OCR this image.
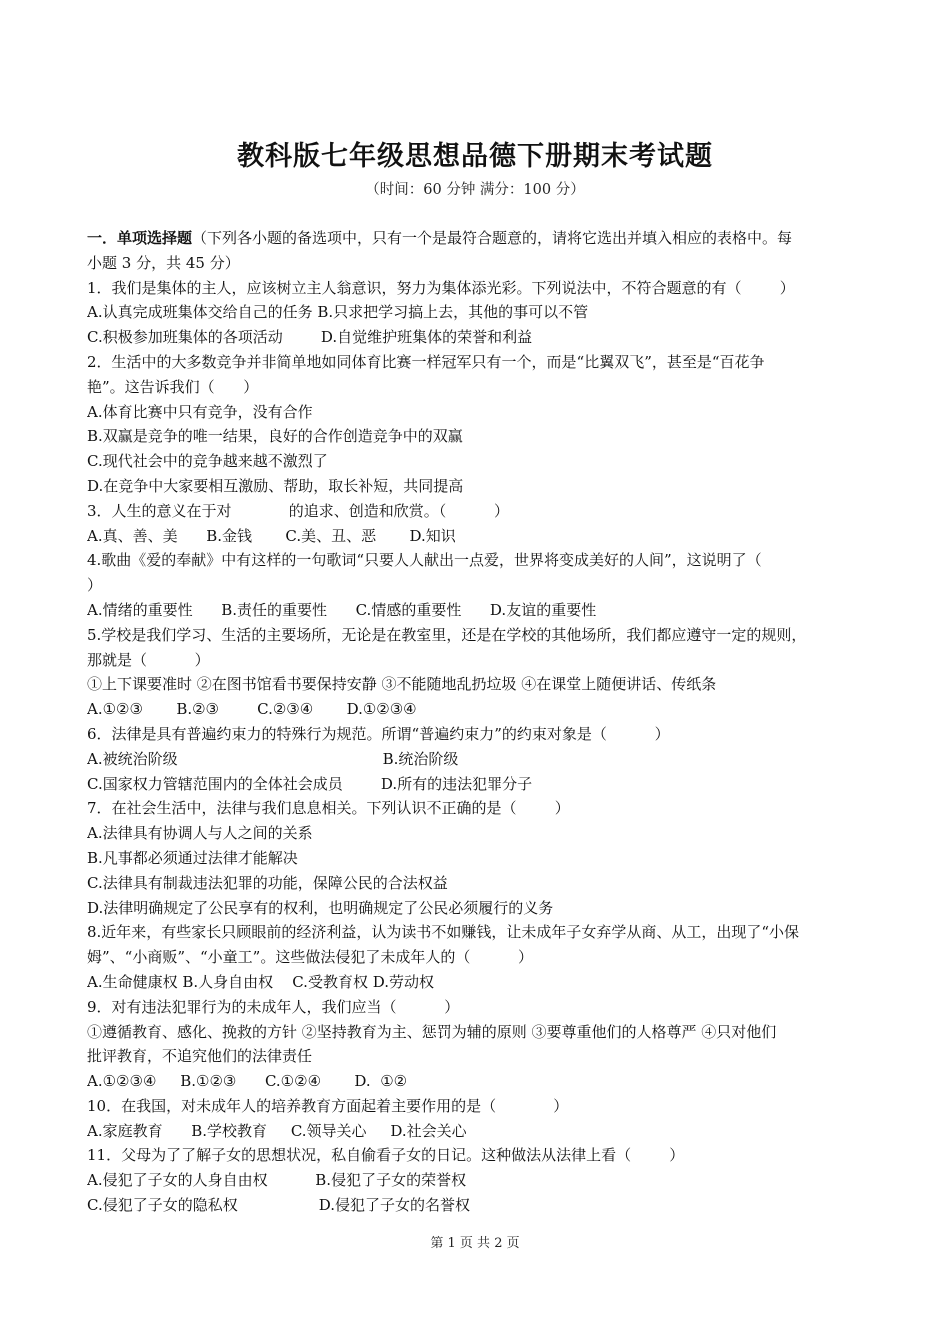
教科版七年级思想品德下册期末考试题
（时间：60 分钟 满分：100 分）
一．单项选择题（下列各小题的备选项中，只有一个是最符合题意的，请将它选出并填入相应的表格中。每
小题 3 分，共 45 分）
1．我们是集体的主人，应该树立主人翁意识，努力为集体添光彩。下列说法中，不符合题意的有（        ）
A.认真完成班集体交给自己的任务 B.只求把学习搞上去，其他的事可以不管
C.积极参加班集体的各项活动        D.自觉维护班集体的荣誉和利益
2．生活中的大多数竞争并非简单地如同体育比赛一样冠军只有一个，而是“比翼双飞”，甚至是“百花争
艳”。这告诉我们（      ）
A.体育比赛中只有竞争，没有合作
B.双赢是竞争的唯一结果，良好的合作创造竞争中的双赢
C.现代社会中的竞争越来越不激烈了
D.在竞争中大家要相互激励、帮助，取长补短，共同提高
3．人生的意义在于对            的追求、创造和欣赏。（          ）
A.真、善、美      B.金钱       C.美、丑、恶       D.知识
4.歌曲《爱的奉献》中有这样的一句歌词“只要人人献出一点爱，世界将变成美好的人间”，这说明了（
）
A.情绪的重要性      B.责任的重要性      C.情感的重要性      D.友谊的重要性
5.学校是我们学习、生活的主要场所，无论是在教室里，还是在学校的其他场所，我们都应遵守一定的规则，
那就是（          ）
①上下课要准时 ②在图书馆看书要保持安静 ③不能随地乱扔垃圾 ④在课堂上随便讲话、传纸条
A.①②③       B.②③        C.②③④       D.①②③④
6．法律是具有普遍约束力的特殊行为规范。所谓“普遍约束力”的约束对象是（          ）
A.被统治阶级                                           B.统治阶级
C.国家权力管辖范围内的全体社会成员        D.所有的违法犯罪分子
7．在社会生活中，法律与我们息息相关。下列认识不正确的是（        ）
A.法律具有协调人与人之间的关系
B.凡事都必须通过法律才能解决
C.法律具有制裁违法犯罪的功能，保障公民的合法权益
D.法律明确规定了公民享有的权利，也明确规定了公民必须履行的义务
8.近年来，有些家长只顾眼前的经济利益，认为读书不如赚钱，让未成年子女弃学从商、从工，出现了“小保
姆”、“小商贩”、“小童工”。这些做法侵犯了未成年人的（          ）
A.生命健康权 B.人身自由权    C.受教育权 D.劳动权
9．对有违法犯罪行为的未成年人，我们应当（          ）
①遵循教育、感化、挽救的方针 ②坚持教育为主、惩罚为辅的原则 ③要尊重他们的人格尊严 ④只对他们
批评教育，不追究他们的法律责任
A.①②③④     B.①②③      C.①②④       D.  ①②
10．在我国，对未成年人的培养教育方面起着主要作用的是（            ）
A.家庭教育      B.学校教育     C.领导关心     D.社会关心
11．父母为了了解子女的思想状况，私自偷看子女的日记。这种做法从法律上看（        ）
A.侵犯了子女的人身自由权          B.侵犯了子女的荣誉权
C.侵犯了子女的隐私权                 D.侵犯了子女的名誉权
第 1 页 共 2 页
